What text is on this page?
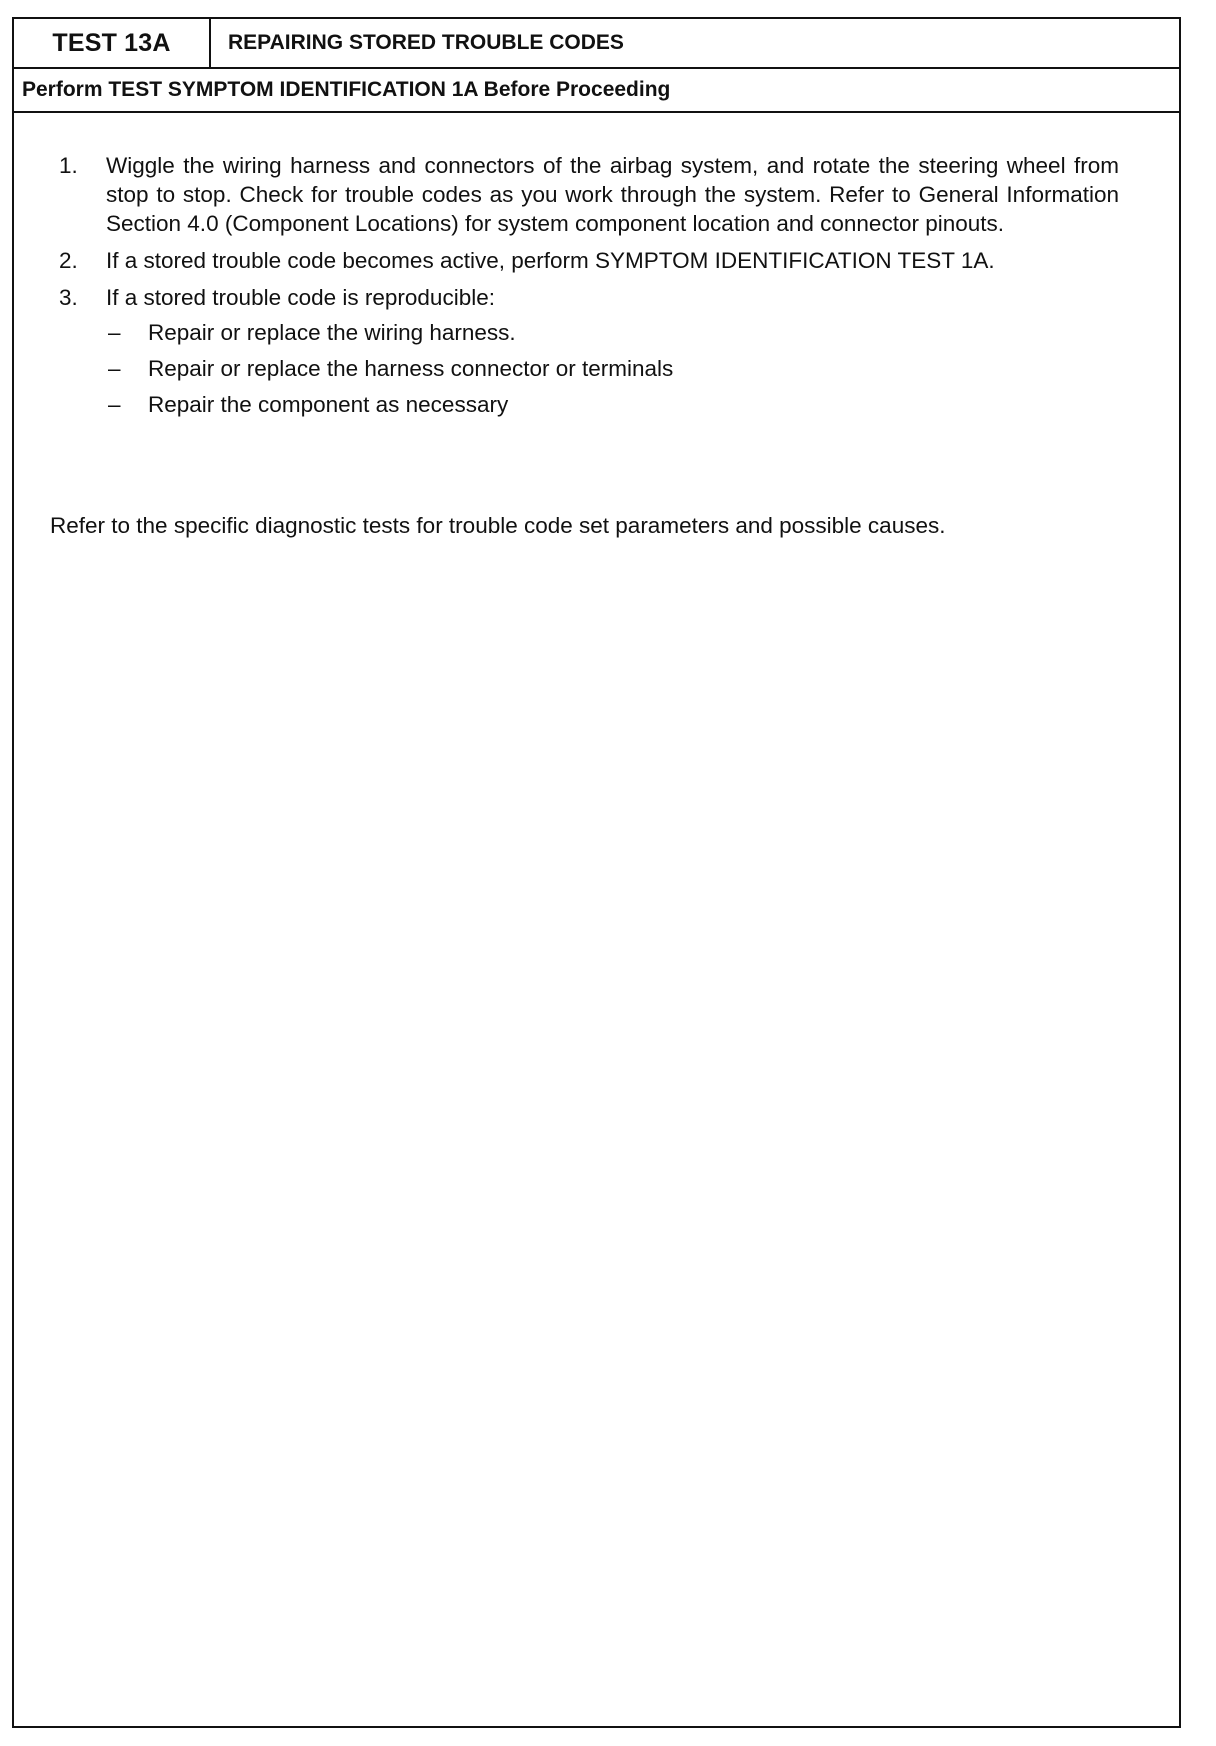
TEST 13A	REPAIRING STORED TROUBLE CODES
Perform TEST SYMPTOM IDENTIFICATION 1A Before Proceeding
1. Wiggle the wiring harness and connectors of the airbag system, and rotate the steering wheel from stop to stop. Check for trouble codes as you work through the system. Refer to General Information Section 4.0 (Component Locations) for system component location and connector pinouts.
2. If a stored trouble code becomes active, perform SYMPTOM IDENTIFICATION TEST 1A.
3. If a stored trouble code is reproducible:
– Repair or replace the wiring harness.
– Repair or replace the harness connector or terminals
– Repair the component as necessary
Refer to the specific diagnostic tests for trouble code set parameters and possible causes.
